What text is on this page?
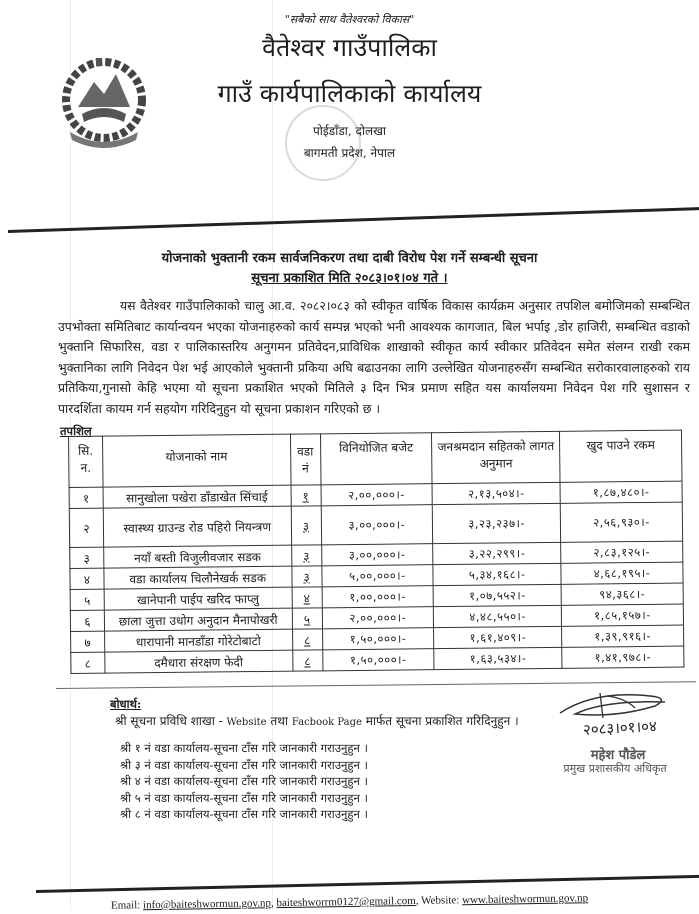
"सबैको साथ वैतेश्वरको विकास"
वैतेश्वर गाउँपालिका
गाउँ कार्यपालिकाको कार्यालय
पोईडाँडा, दोलखा
बागमती प्रदेश, नेपाल
योजनाको भुक्तानी रकम सार्वजनिकरण तथा दाबी विरोध पेश गर्ने सम्बन्धी सूचना
सूचना प्रकाशित मिति २०८३।०१।०४ गते ।
यस वैतेश्वर गाउँपालिकाको चालु आ.व. २०८२।०८३ को स्वीकृत वार्षिक विकास कार्यक्रम अनुसार तपशिल बमोजिमको सम्बन्धित उपभोक्ता समितिबाट कार्यान्वयन भएका योजनाहरुको कार्य सम्पन्न भएको भनी आवश्यक कागजात, बिल भर्पाइ ,डोर हाजिरी, सम्बन्धित वडाको भुक्तानि सिफारिस, वडा र पालिकास्तरिय अनुगमन प्रतिवेदन,प्राविधिक शाखाको स्वीकृत कार्य स्वीकार प्रतिवेदन समेत संलग्न राखी रकम भुक्तानिका लागि निवेदन पेश भई आएकोले भुक्तानी प्रकिया अघि बढाउनका लागि उल्लेखित योजनाहरुसँग सम्बन्धित सरोकारवालाहरुको राय प्रतिकिया,गुनासो केहि भएमा यो सूचना प्रकाशित भएको मितिले ३ दिन भित्र प्रमाण सहित यस कार्यालयमा निवेदन पेश गरि सुशासन र पारदर्शिता कायम गर्न सहयोग गरिदिनुहुन यो सूचना प्रकाशन गरिएको छ ।
तपशिल
सि. न.	योजनाको नाम	वडा नं	विनियोजित बजेट	जनश्रमदान सहितको लागत अनुमान	खुद पाउने रकम
१	सानुखोला पखेरा डाँडाखेत सिंचाई	१	२,००,०००।-	२,१३,५०४।-	१,८७,४८०।-
२	स्वास्थ्य ग्राउन्ड रोड पहिरो नियन्त्रण	३	३,००,०००।-	३,२३,२३७।-	२,५६,९३०।-
३	नयाँ बस्ती विजुलीवजार सडक	३	३,००,०००।-	३,२२,२९९।-	२,८३,१२५।-
४	वडा कार्यालय चिलौनेखर्क सडक	३	५,००,०००।-	५,३४,१६८।-	४,६८,१९५।-
५	खानेपानी पाईप खरिद फाप्लु	४	१,००,०००।-	१,०७,५५२।-	९४,३६८।-
६	छाला जुत्ता उधोग अनुदान मैनापोखरी	५	२,००,०००।-	४,४८,५५०।-	१,८५,१५७।-
७	धारापानी मानडाँडा गोरेटोबाटो	८	१,५०,०००।-	१,६१,४०९।-	१,३९,९१६।-
८	दमैधारा संरक्षण फेदी	८	१,५०,०००।-	१,६३,५३४।-	१,४१,९७८।-
बोधार्थ:
श्री सूचना प्रविधि शाखा - Website तथा Facbook Page मार्फत सूचना प्रकाशित गरिदिनुहुन ।
श्री १ नं वडा कार्यालय-सूचना टाँस गरि जानकारी गराउनुहुन ।
श्री ३ नं वडा कार्यालय-सूचना टाँस गरि जानकारी गराउनुहुन ।
श्री ४ नं वडा कार्यालय-सूचना टाँस गरि जानकारी गराउनुहुन ।
श्री ५ नं वडा कार्यालय-सूचना टाँस गरि जानकारी गराउनुहुन ।
श्री ८ नं वडा कार्यालय-सूचना टाँस गरि जानकारी गराउनुहुन ।
२०८३।०१।०४
महेश पौडेल
प्रमुख प्रशासकीय अधिकृत
Email: info@baiteshwormun.gov.np, baiteshworrm0127@gmail.com, Website: www.baiteshwormun.gov.np
